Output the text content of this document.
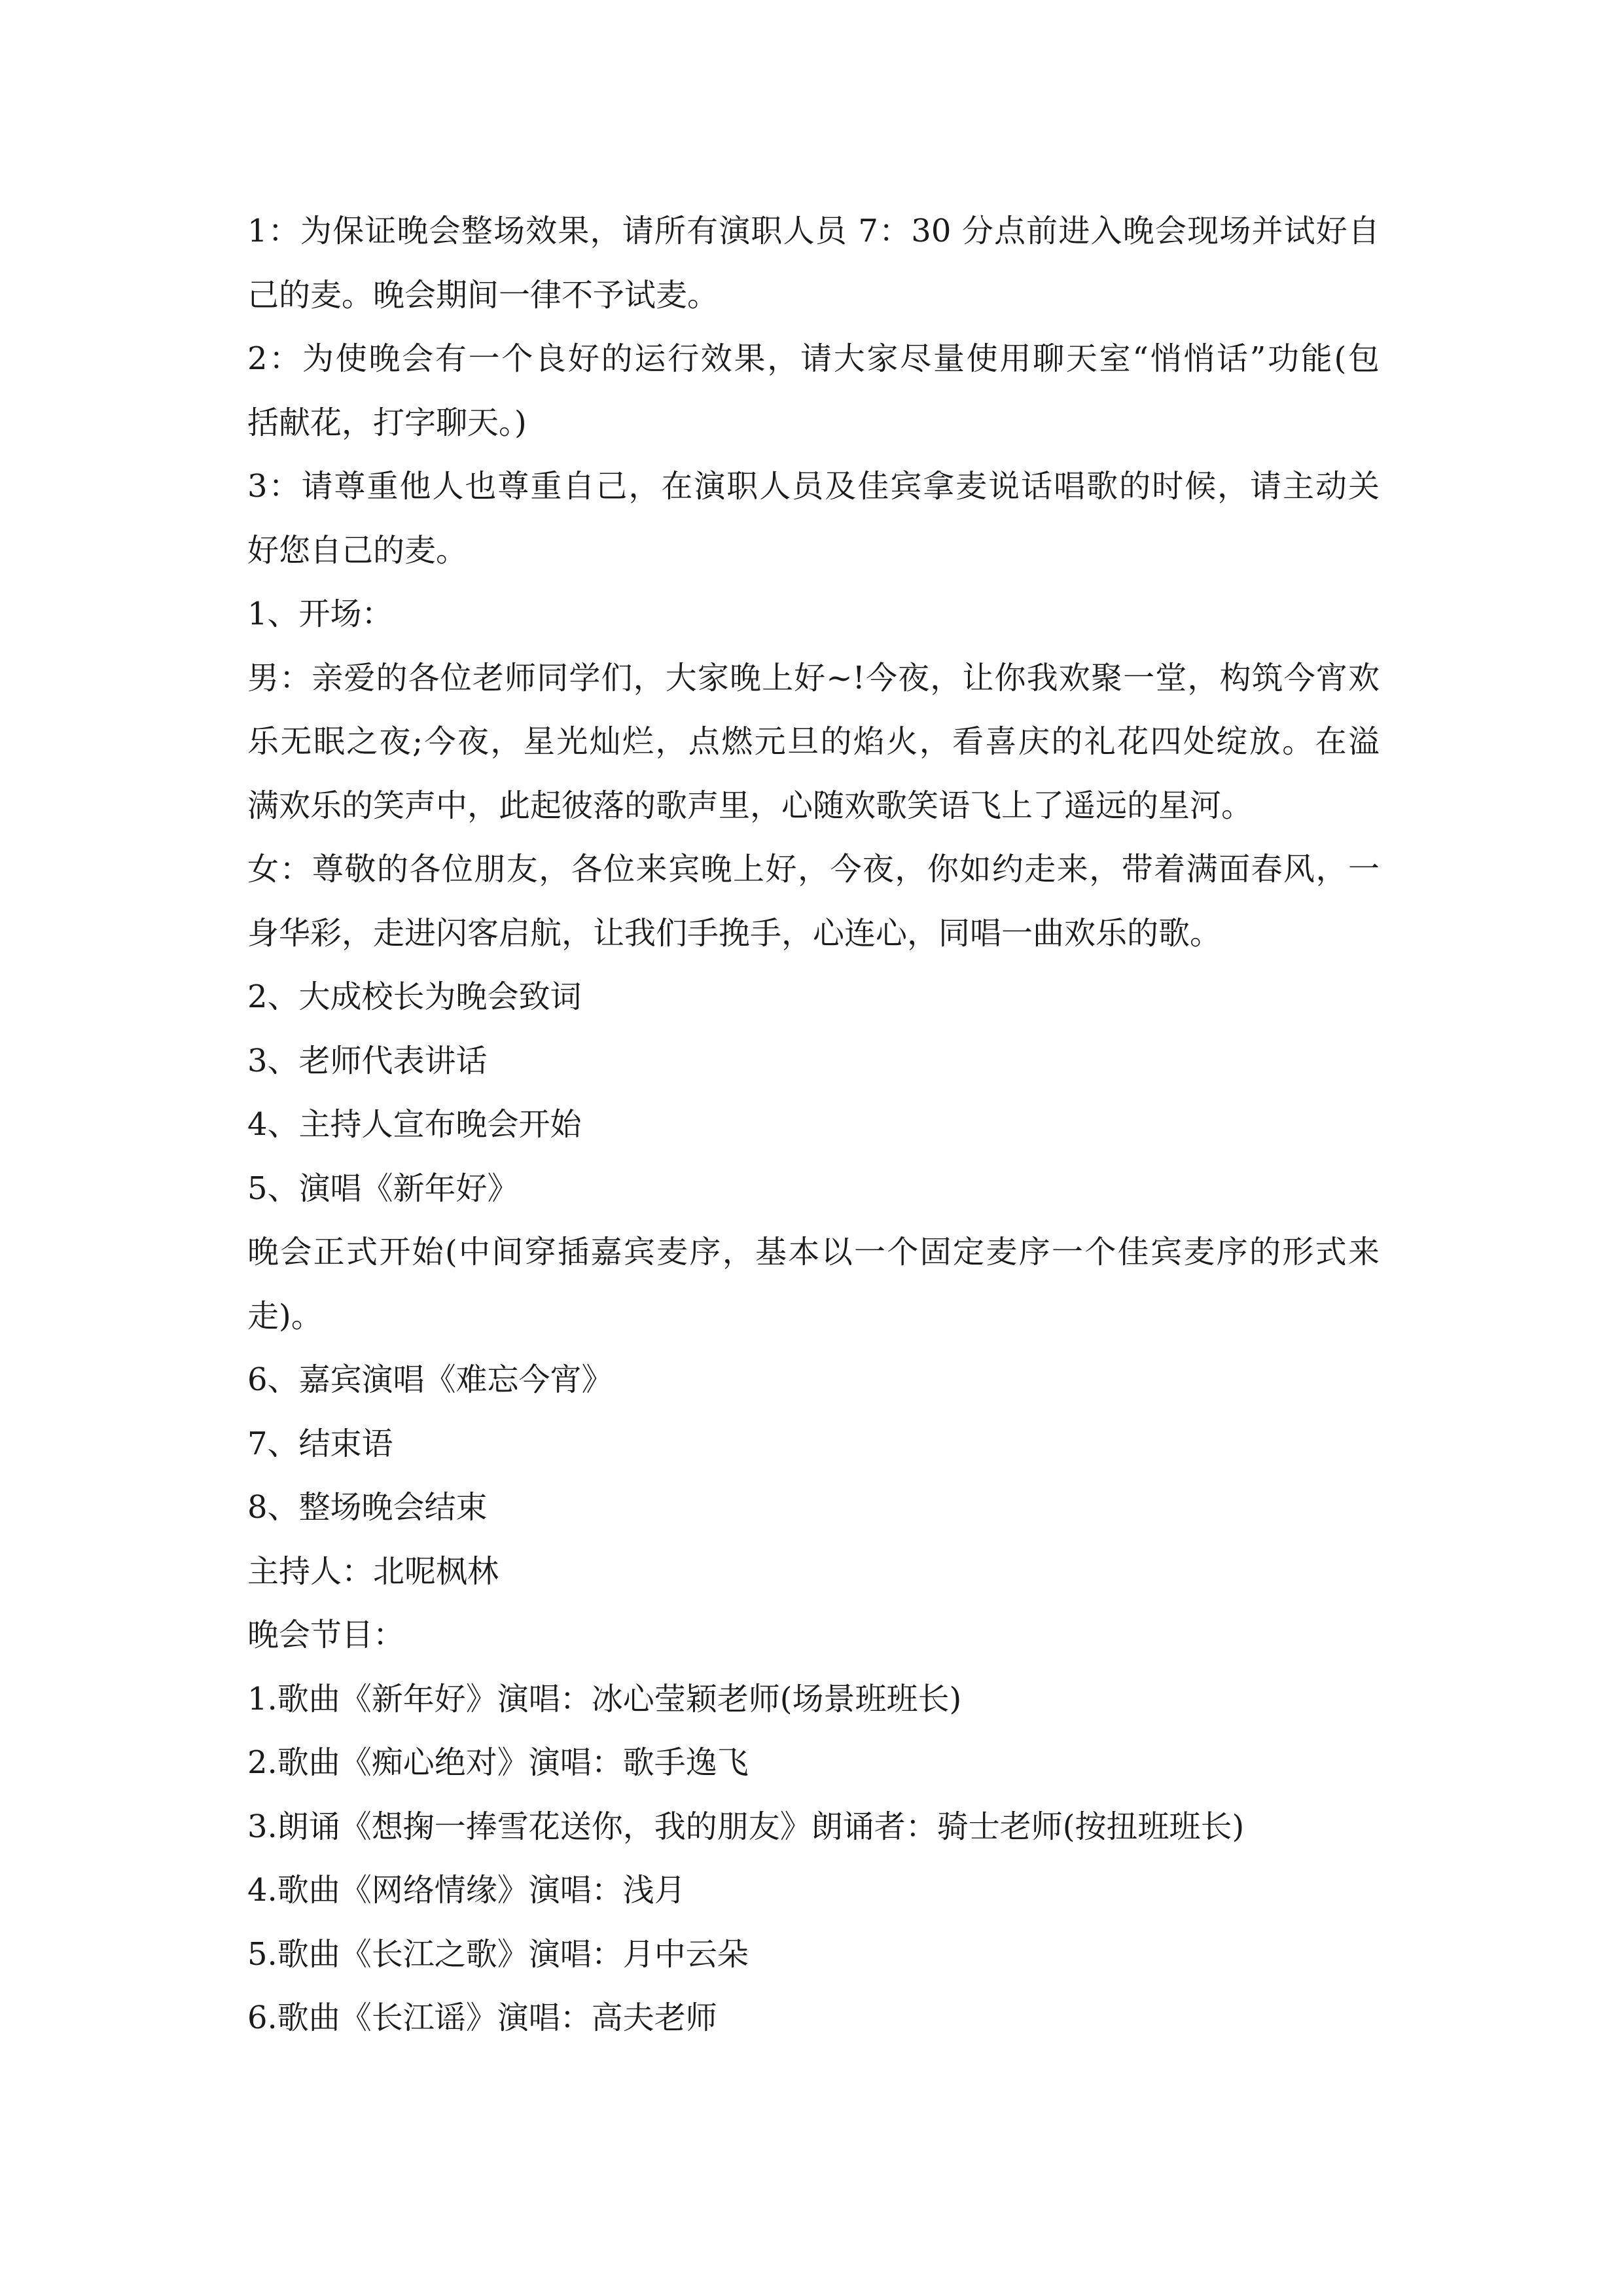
1：为保证晚会整场效果，请所有演职人员 7：30 分点前进入晚会现场并试好自
己的麦。晚会期间一律不予试麦。
2：为使晚会有一个良好的运行效果，请大家尽量使用聊天室“悄悄话”功能(包
括献花，打字聊天。)
3：请尊重他人也尊重自己，在演职人员及佳宾拿麦说话唱歌的时候，请主动关
好您自己的麦。
1、开场：
男：亲爱的各位老师同学们，大家晚上好~!今夜，让你我欢聚一堂，构筑今宵欢
乐无眠之夜;今夜，星光灿烂，点燃元旦的焰火，看喜庆的礼花四处绽放。在溢
满欢乐的笑声中，此起彼落的歌声里，心随欢歌笑语飞上了遥远的星河。
女：尊敬的各位朋友，各位来宾晚上好，今夜，你如约走来，带着满面春风，一
身华彩，走进闪客启航，让我们手挽手，心连心，同唱一曲欢乐的歌。
2、大成校长为晚会致词
3、老师代表讲话
4、主持人宣布晚会开始
5、演唱《新年好》
晚会正式开始(中间穿插嘉宾麦序，基本以一个固定麦序一个佳宾麦序的形式来
走)。
6、嘉宾演唱《难忘今宵》
7、结束语
8、整场晚会结束
主持人：北呢枫林
晚会节目：
1.歌曲《新年好》演唱：冰心莹颖老师(场景班班长)
2.歌曲《痴心绝对》演唱：歌手逸飞
3.朗诵《想掬一捧雪花送你，我的朋友》朗诵者：骑士老师(按扭班班长)
4.歌曲《网络情缘》演唱：浅月
5.歌曲《长江之歌》演唱：月中云朵
6.歌曲《长江谣》演唱：高夫老师
